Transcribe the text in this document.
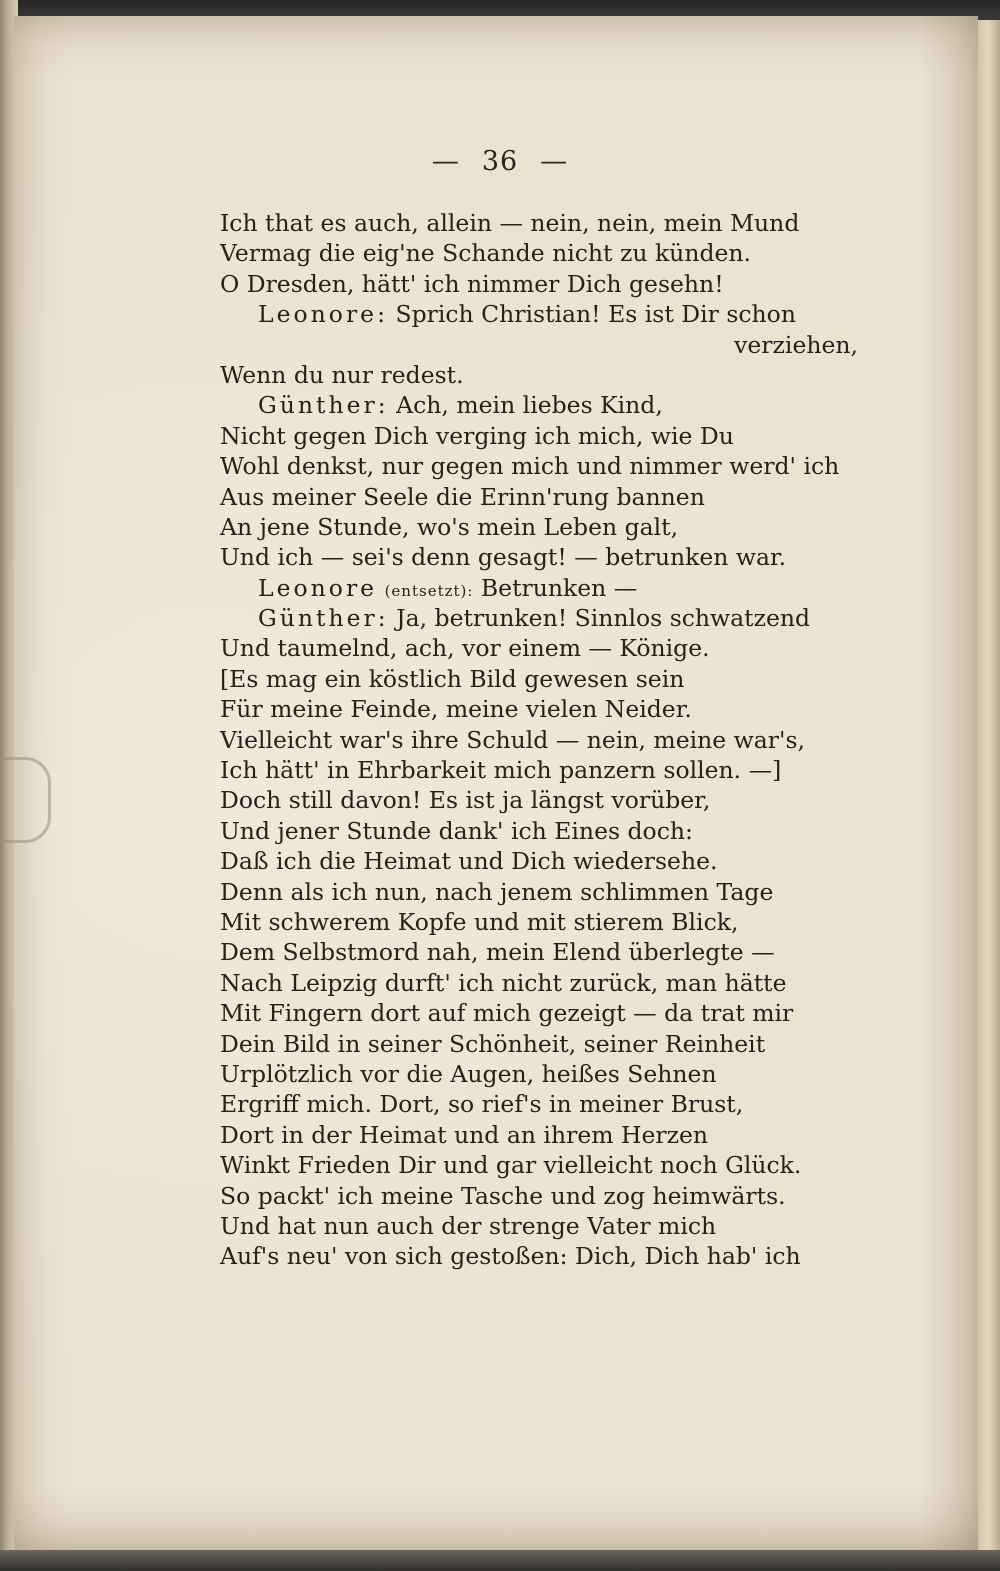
— 36 —
Ich that es auch, allein — nein, nein, mein Mund
Vermag die eig'ne Schande nicht zu künden.
O Dresden, hätt' ich nimmer Dich gesehn!
Leonore: Sprich Christian! Es ist Dir schon
verziehen,
Wenn du nur redest.
Günther: Ach, mein liebes Kind,
Nicht gegen Dich verging ich mich, wie Du
Wohl denkst, nur gegen mich und nimmer werd' ich
Aus meiner Seele die Erinn'rung bannen
An jene Stunde, wo's mein Leben galt,
Und ich — sei's denn gesagt! — betrunken war.
Leonore (entsetzt): Betrunken —
Günther: Ja, betrunken! Sinnlos schwatzend
Und taumelnd, ach, vor einem — Könige.
[Es mag ein köstlich Bild gewesen sein
Für meine Feinde, meine vielen Neider.
Vielleicht war's ihre Schuld — nein, meine war's,
Ich hätt' in Ehrbarkeit mich panzern sollen. —]
Doch still davon! Es ist ja längst vorüber,
Und jener Stunde dank' ich Eines doch:
Daß ich die Heimat und Dich wiedersehe.
Denn als ich nun, nach jenem schlimmen Tage
Mit schwerem Kopfe und mit stierem Blick,
Dem Selbstmord nah, mein Elend überlegte —
Nach Leipzig durft' ich nicht zurück, man hätte
Mit Fingern dort auf mich gezeigt — da trat mir
Dein Bild in seiner Schönheit, seiner Reinheit
Urplötzlich vor die Augen, heißes Sehnen
Ergriff mich. Dort, so rief's in meiner Brust,
Dort in der Heimat und an ihrem Herzen
Winkt Frieden Dir und gar vielleicht noch Glück.
So packt' ich meine Tasche und zog heimwärts.
Und hat nun auch der strenge Vater mich
Auf's neu' von sich gestoßen: Dich, Dich hab' ich
